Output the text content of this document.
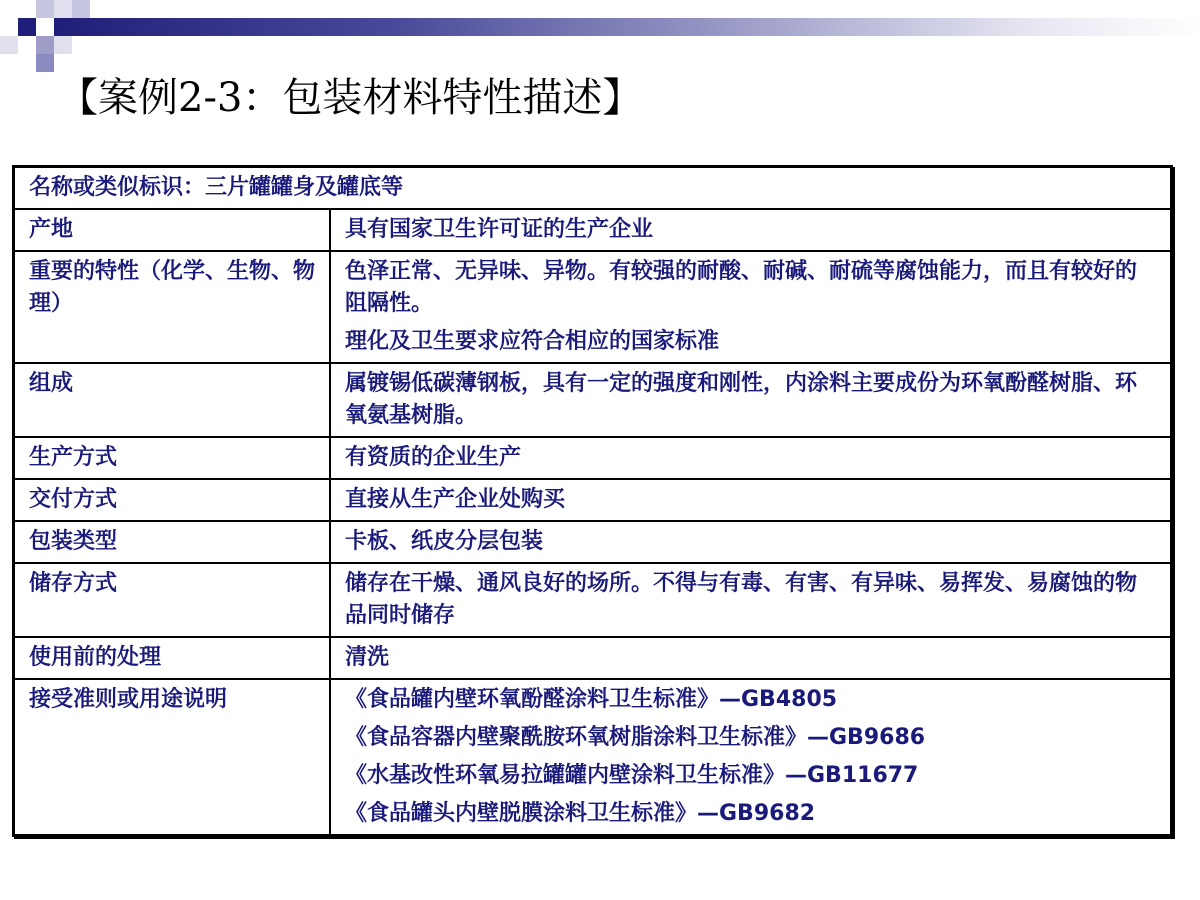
【案例2-3：包装材料特性描述】
名称或类似标识：三片罐罐身及罐底等	
产地	具有国家卫生许可证的生产企业

重要的特性（化学、生物、物理）	色泽正常、无异味、异物。有较强的耐酸、耐碱、耐硫等腐蚀能力，而且有较好的阻隔性。

理化及卫生要求应符合相应的国家标准

组成	属镀锡低碳薄钢板，具有一定的强度和刚性，内涂料主要成份为环氧酚醛树脂、环氧氨基树脂。

生产方式	有资质的企业生产

交付方式	直接从生产企业处购买

包装类型	卡板、纸皮分层包装

储存方式	储存在干燥、通风良好的场所。不得与有毒、有害、有异味、易挥发、易腐蚀的物品同时储存

使用前的处理	清洗

接受准则或用途说明	《食品罐内壁环氧酚醛涂料卫生标准》—GB4805

《食品容器内壁聚酰胺环氧树脂涂料卫生标准》—GB9686

《水基改性环氧易拉罐罐内壁涂料卫生标准》—GB11677

《食品罐头内壁脱膜涂料卫生标准》—GB9682
